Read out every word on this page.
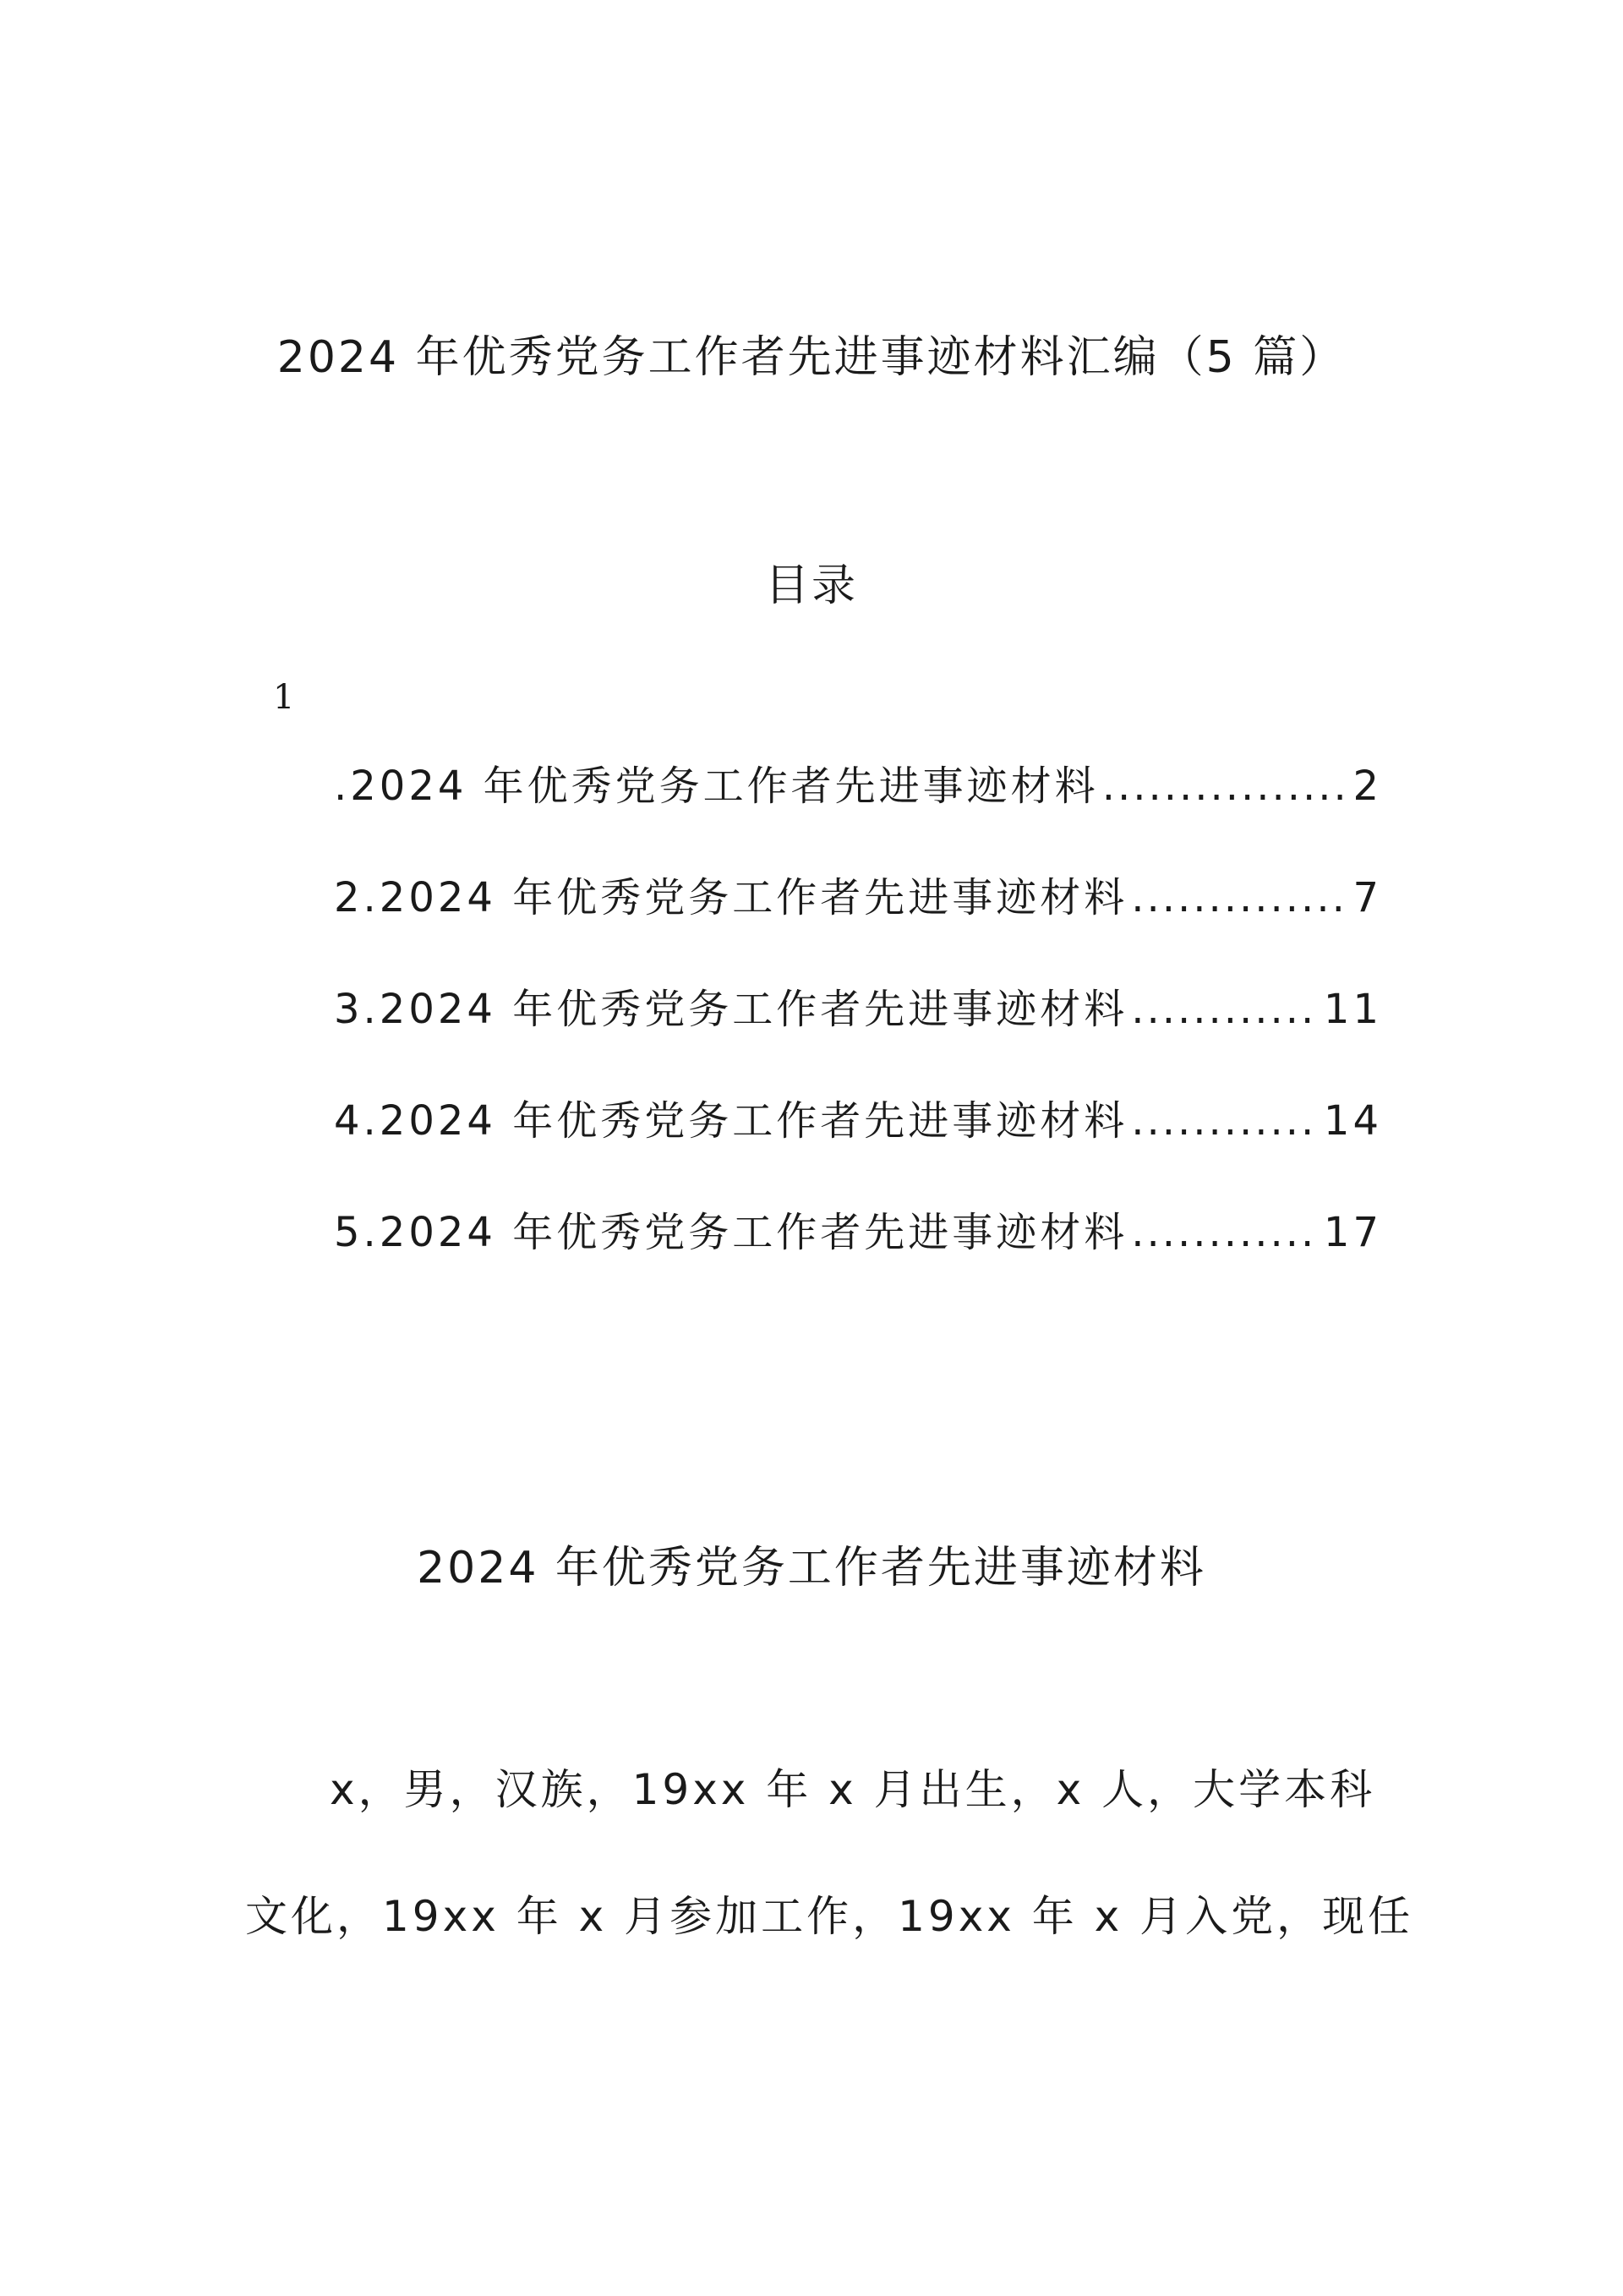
2024 年优秀党务工作者先进事迹材料汇编（5 篇）
目录
1
.2024 年优秀党务工作者先进事迹材料 .....	2
2.2024 年优秀党务工作者先进事迹材料 .....	7
3.2024 年优秀党务工作者先进事迹材料 .....	11
4.2024 年优秀党务工作者先进事迹材料 .....	14
5.2024 年优秀党务工作者先进事迹材料 .....	17
2024 年优秀党务工作者先进事迹材料
x，男，汉族，19xx 年 x 月出生，x 人，大学本科
文化，19xx 年 x 月参加工作，19xx 年 x 月入党，现任
